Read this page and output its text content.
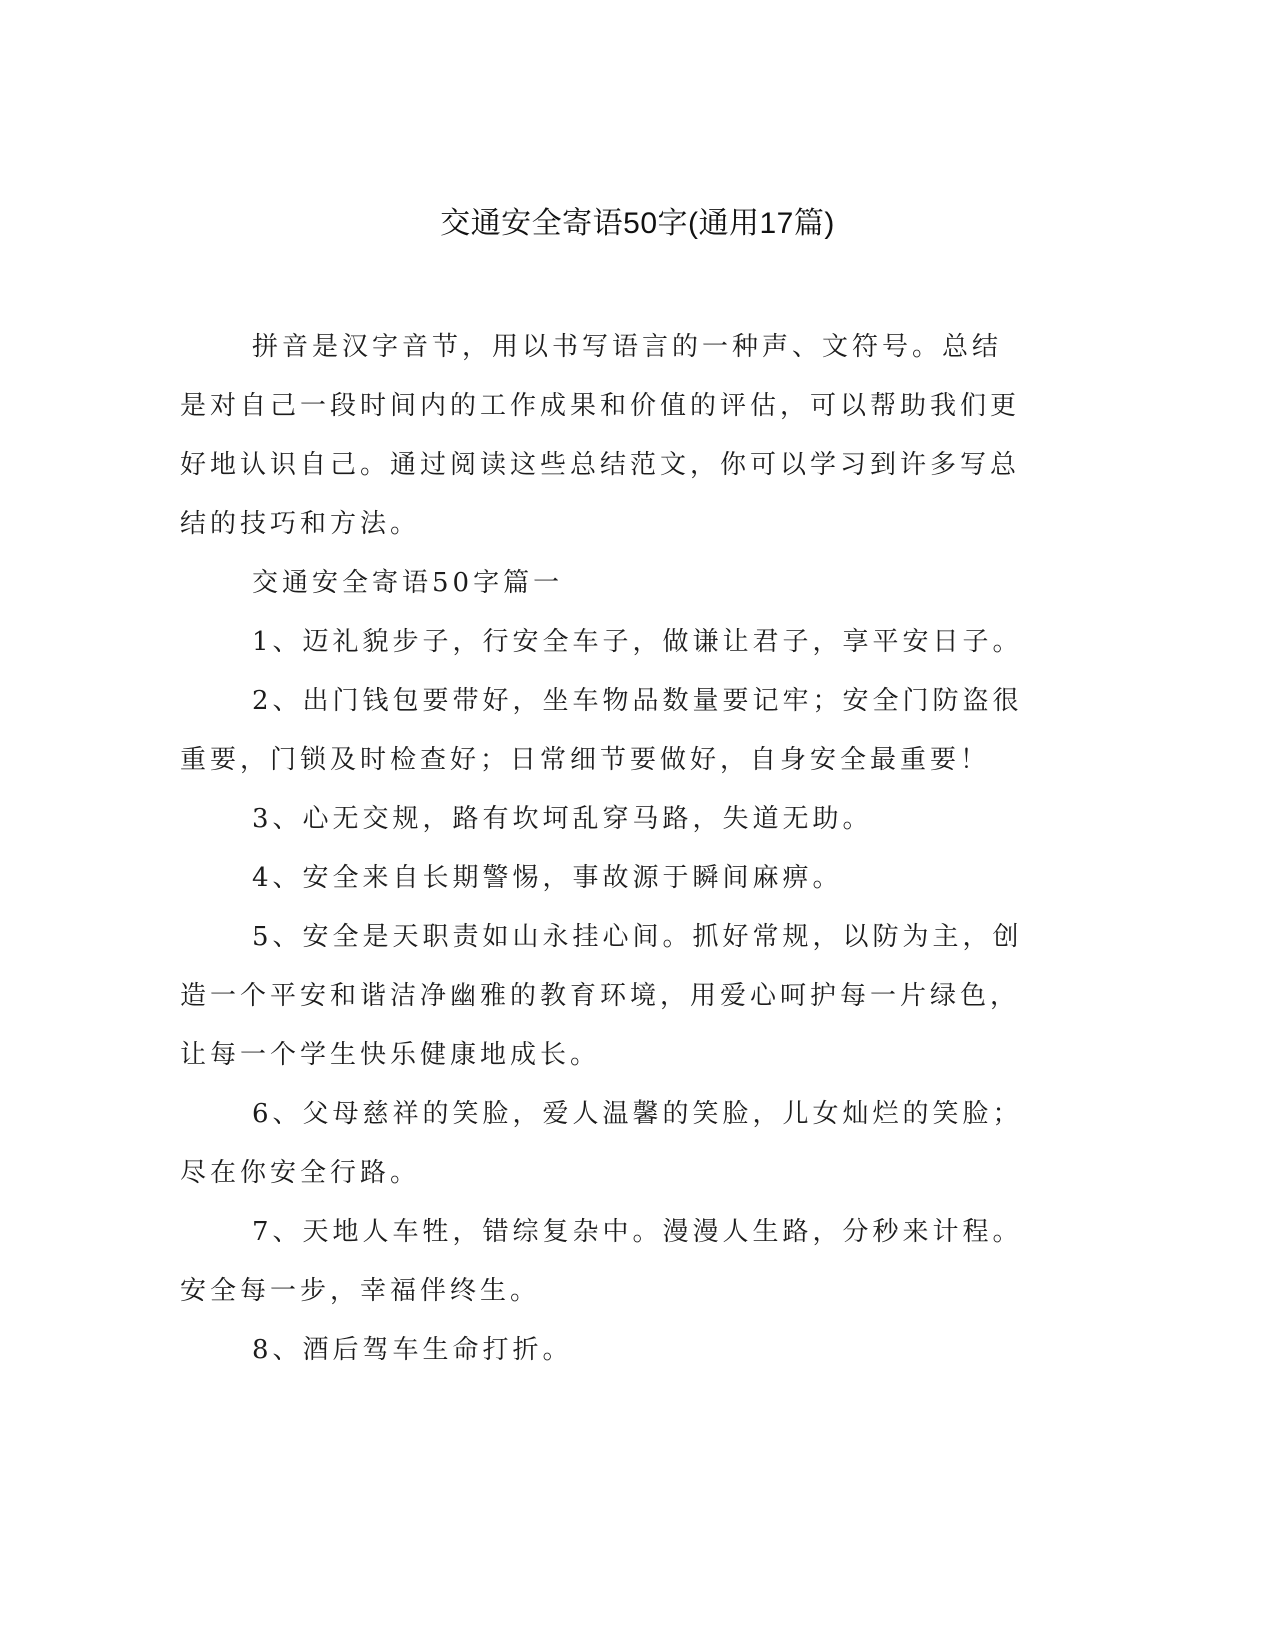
交通安全寄语50字(通用17篇)

拼音是汉字音节，用以书写语言的一种声、文符号。总结是对自己一段时间内的工作成果和价值的评估，可以帮助我们更好地认识自己。通过阅读这些总结范文，你可以学习到许多写总结的技巧和方法。

交通安全寄语50字篇一

1、迈礼貌步子，行安全车子，做谦让君子，享平安日子。

2、出门钱包要带好，坐车物品数量要记牢；安全门防盗很重要，门锁及时检查好；日常细节要做好，自身安全最重要！

3、心无交规，路有坎坷乱穿马路，失道无助。

4、安全来自长期警惕，事故源于瞬间麻痹。

5、安全是天职责如山永挂心间。抓好常规，以防为主，创造一个平安和谐洁净幽雅的教育环境，用爱心呵护每一片绿色，让每一个学生快乐健康地成长。

6、父母慈祥的笑脸，爱人温馨的笑脸，儿女灿烂的笑脸；尽在你安全行路。

7、天地人车牲，错综复杂中。漫漫人生路，分秒来计程。安全每一步，幸福伴终生。

8、酒后驾车生命打折。
